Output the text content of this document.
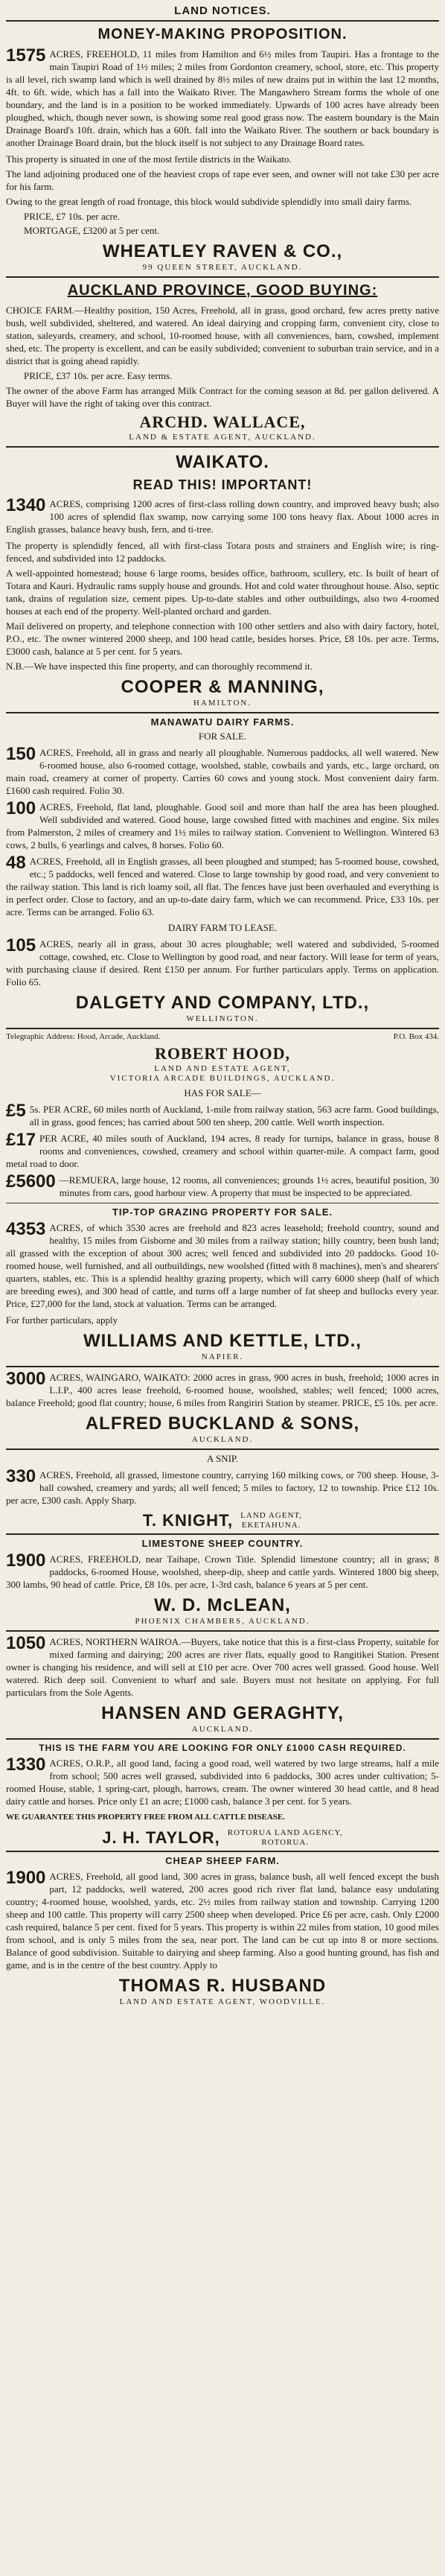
LAND NOTICES.
MONEY-MAKING PROPOSITION.
1575 ACRES, FREEHOLD, 11 miles from Hamilton and 6½ miles from Taupiri. Has a frontage to the main Taupiri Road of 1½ miles; 2 miles from Gordonton creamery, school, store, etc. This property is all level, rich swamp land which is well drained by 8½ miles of new drains put in within the last 12 months, 4ft. to 6ft. wide, which has a fall into the Waikato River. The Mangawhero Stream forms the whole of one boundary, and the land is in a position to be worked immediately. Upwards of 100 acres have already been ploughed, which, though never sown, is showing some real good grass now. The eastern boundary is the Main Drainage Board's 10ft. drain, which has a 60ft. fall into the Waikato River. The southern or back boundary is another Drainage Board drain, but the block itself is not subject to any Drainage Board rates.
This property is situated in one of the most fertile districts in the Waikato.
The land adjoining produced one of the heaviest crops of rape ever seen, and owner will not take £30 per acre for his farm.
Owing to the great length of road frontage, this block would subdivide splendidly into small dairy farms.
PRICE, £7 10s. per acre.
MORTGAGE, £3200 at 5 per cent.
WHEATLEY RAVEN & CO.,
99 QUEEN STREET, AUCKLAND.
AUCKLAND PROVINCE, GOOD BUYING:
CHOICE FARM.—Healthy position, 150 Acres, Freehold, all in grass, good orchard, few acres pretty native bush, well subdivided, sheltered, and watered. An ideal dairying and cropping farm, convenient city, close to station, saleyards, creamery, and school, 10-roomed house, with all conveniences, barn, cowshed, implement shed, etc. The property is excellent, and can be easily subdivided; convenient to suburban train service, and in a district that is going ahead rapidly.
PRICE, £37 10s. per acre. Easy terms.
The owner of the above Farm has arranged Milk Contract for the coming season at 8d. per gallon delivered. A Buyer will have the right of taking over this contract.
ARCHD. WALLACE,
LAND & ESTATE AGENT, AUCKLAND.
WAIKATO.
READ THIS! IMPORTANT!
1340 ACRES, comprising 1200 acres of first-class rolling down country, and improved heavy bush; also 100 acres of splendid flax swamp, now carrying some 100 tons heavy flax. About 1000 acres in English grasses, balance heavy bush, fern, and ti-tree.
The property is splendidly fenced, all with first-class Totara posts and strainers and English wire; is ring-fenced, and subdivided into 12 paddocks.
A well-appointed homestead; house 6 large rooms, besides office, bathroom, scullery, etc. Is built of heart of Totara and Kauri. Hydraulic rams supply house and grounds. Hot and cold water throughout house. Also, septic tank, drains of regulation size, cement pipes. Up-to-date stables and other outbuildings, also two 4-roomed houses at each end of the property. Well-planted orchard and garden.
Mail delivered on property, and telephone connection with 100 other settlers and also with dairy factory, hotel, P.O., etc. The owner wintered 2000 sheep, and 100 head cattle, besides horses. Price, £8 10s. per acre. Terms, £3000 cash, balance at 5 per cent. for 5 years.
N.B.—We have inspected this fine property, and can thoroughly recommend it.
COOPER & MANNING,
HAMILTON.
MANAWATU DAIRY FARMS.
FOR SALE.
150 ACRES, Freehold, all in grass and nearly all ploughable. Numerous paddocks, all well watered. New 6-roomed house, also 6-roomed cottage, woolshed, stable, cowbails and yards, etc., large orchard, on main road, creamery at corner of property. Carries 60 cows and young stock. Most convenient dairy farm. £1600 cash required. Folio 30.
100 ACRES, Freehold, flat land, ploughable. Good soil and more than half the area has been ploughed. Well subdivided and watered. Good house, large cowshed fitted with machines and engine. Six miles from Palmerston, 2 miles of creamery and 1½ miles to railway station. Convenient to Wellington. Wintered 63 cows, 2 bulls, 6 yearlings and calves, 8 horses. Folio 60.
48 ACRES, Freehold, all in English grasses, all been ploughed and stumped; has 5-roomed house, cowshed, etc.; 5 paddocks, well fenced and watered. Close to large township by good road, and very convenient to the railway station. This land is rich loamy soil, all flat. The fences have just been overhauled and everything is in perfect order. Close to factory, and an up-to-date dairy farm, which we can recommend. Price, £33 10s. per acre. Terms can be arranged. Folio 63.
DAIRY FARM TO LEASE.
105 ACRES, nearly all in grass, about 30 acres ploughable; well watered and subdivided, 5-roomed cottage, cowshed, etc. Close to Wellington by good road, and near factory. Will lease for term of years, with purchasing clause if desired. Rent £150 per annum. For further particulars apply. Terms on application. Folio 65.
DALGETY AND COMPANY, LTD.,
WELLINGTON.
Telegraphic Address: Hood, Arcade, Auckland.	P.O. Box 434.
ROBERT HOOD,
LAND AND ESTATE AGENT,
VICTORIA ARCADE BUILDINGS, AUCKLAND.
HAS FOR SALE—
£5 5s. PER ACRE, 60 miles north of Auckland, 1-mile from railway station, 563 acre farm. Good buildings, all in grass, good fences; has carried about 500 ten sheep, 200 cattle. Well worth inspection.
£17 PER ACRE, 40 miles south of Auckland, 194 acres, 8 ready for turnips, balance in grass, house 8 rooms and conveniences, cowshed, creamery and school within quarter-mile. A compact farm, good metal road to door.
£5600 —REMUERA, large house, 12 rooms, all conveniences; grounds 1½ acres, beautiful position, 30 minutes from cars, good harbour view. A property that must be inspected to be appreciated.
TIP-TOP GRAZING PROPERTY FOR SALE.
4353 ACRES, of which 3530 acres are freehold and 823 acres leasehold; freehold country, sound and healthy, 15 miles from Gisborne and 30 miles from a railway station; hilly country, been bush land; all grassed with the exception of about 300 acres; well fenced and subdivided into 20 paddocks. Good 10-roomed house, well furnished, and all outbuildings, new woolshed (fitted with 8 machines), men's and shearers' quarters, stables, etc. This is a splendid healthy grazing property, which will carry 6000 sheep (half of which are breeding ewes), and 300 head of cattle, and turns off a large number of fat sheep and bullocks every year. Price, £27,000 for the land, stock at valuation. Terms can be arranged.
For further particulars, apply
WILLIAMS AND KETTLE, LTD.,
NAPIER.
3000 ACRES, WAINGARO, WAIKATO: 2000 acres in grass, 900 acres in bush, freehold; 1000 acres in L.I.P., 400 acres lease freehold, 6-roomed house, woolshed, stables; well fenced; 1000 acres, balance Freehold; good flat country; house, 6 miles from Rangiriri Station by steamer. PRICE, £5 10s. per acre.
ALFRED BUCKLAND & SONS,
AUCKLAND.
A SNIP.
330 ACRES, Freehold, all grassed, limestone country, carrying 160 milking cows, or 700 sheep. House, 3-hall cowshed, creamery and yards; all well fenced; 5 miles to factory, 12 to township. Price £12 10s. per acre, £300 cash. Apply Sharp.
T. KNIGHT, LAND AGENT,
EKETAHUNA.
LIMESTONE SHEEP COUNTRY.
1900 ACRES, FREEHOLD, near Taihape, Crown Title. Splendid limestone country; all in grass; 8 paddocks, 6-roomed House, woolshed, sheep-dip, sheep and cattle yards. Wintered 1800 big sheep, 300 lambs, 90 head of cattle. Price, £8 10s. per acre, 1-3rd cash, balance 6 years at 5 per cent.
W. D. McLEAN,
PHOENIX CHAMBERS, AUCKLAND.
1050 ACRES, NORTHERN WAIROA.—Buyers, take notice that this is a first-class Property, suitable for mixed farming and dairying; 200 acres are river flats, equally good to Rangitikei Station. Present owner is changing his residence, and will sell at £10 per acre. Over 700 acres well grassed. Good house. Well watered. Rich deep soil. Convenient to wharf and sale. Buyers must not hesitate on applying. For full particulars from the Sole Agents.
HANSEN AND GERAGHTY,
AUCKLAND.
THIS IS THE FARM YOU ARE LOOKING FOR ONLY £1000 CASH REQUIRED.
1330 ACRES, O.R.P., all good land, facing a good road, well watered by two large streams, half a mile from school; 500 acres well grassed, subdivided into 6 paddocks, 300 acres under cultivation; 5-roomed House, stable, 1 spring-cart, plough, harrows, cream. The owner wintered 30 head cattle, and 8 head dairy cattle and horses. Price only £1 an acre; £1000 cash, balance 3 per cent. for 5 years.
WE GUARANTEE THIS PROPERTY FREE FROM ALL CATTLE DISEASE.
J. H. TAYLOR, ROTORUA LAND AGENCY,
ROTORUA.
CHEAP SHEEP FARM.
1900 ACRES, Freehold, all good land, 300 acres in grass, balance bush, all well fenced except the bush part, 12 paddocks, well watered, 200 acres good rich river flat land, balance easy undulating country; 4-roomed house, woolshed, yards, etc. 2½ miles from railway station and township. Carrying 1200 sheep and 100 cattle. This property will carry 2500 sheep when developed. Price £6 per acre, cash. Only £2000 cash required, balance 5 per cent. fixed for 5 years. This property is within 22 miles from station, 10 good miles from school, and is only 5 miles from the sea, near port. The land can be cut up into 8 or more sections. Balance of good subdivision. Suitable to dairying and sheep farming. Also a good hunting ground, has fish and game, and is in the centre of the best country. Apply to
THOMAS R. HUSBAND
LAND AND ESTATE AGENT, WOODVILLE.
